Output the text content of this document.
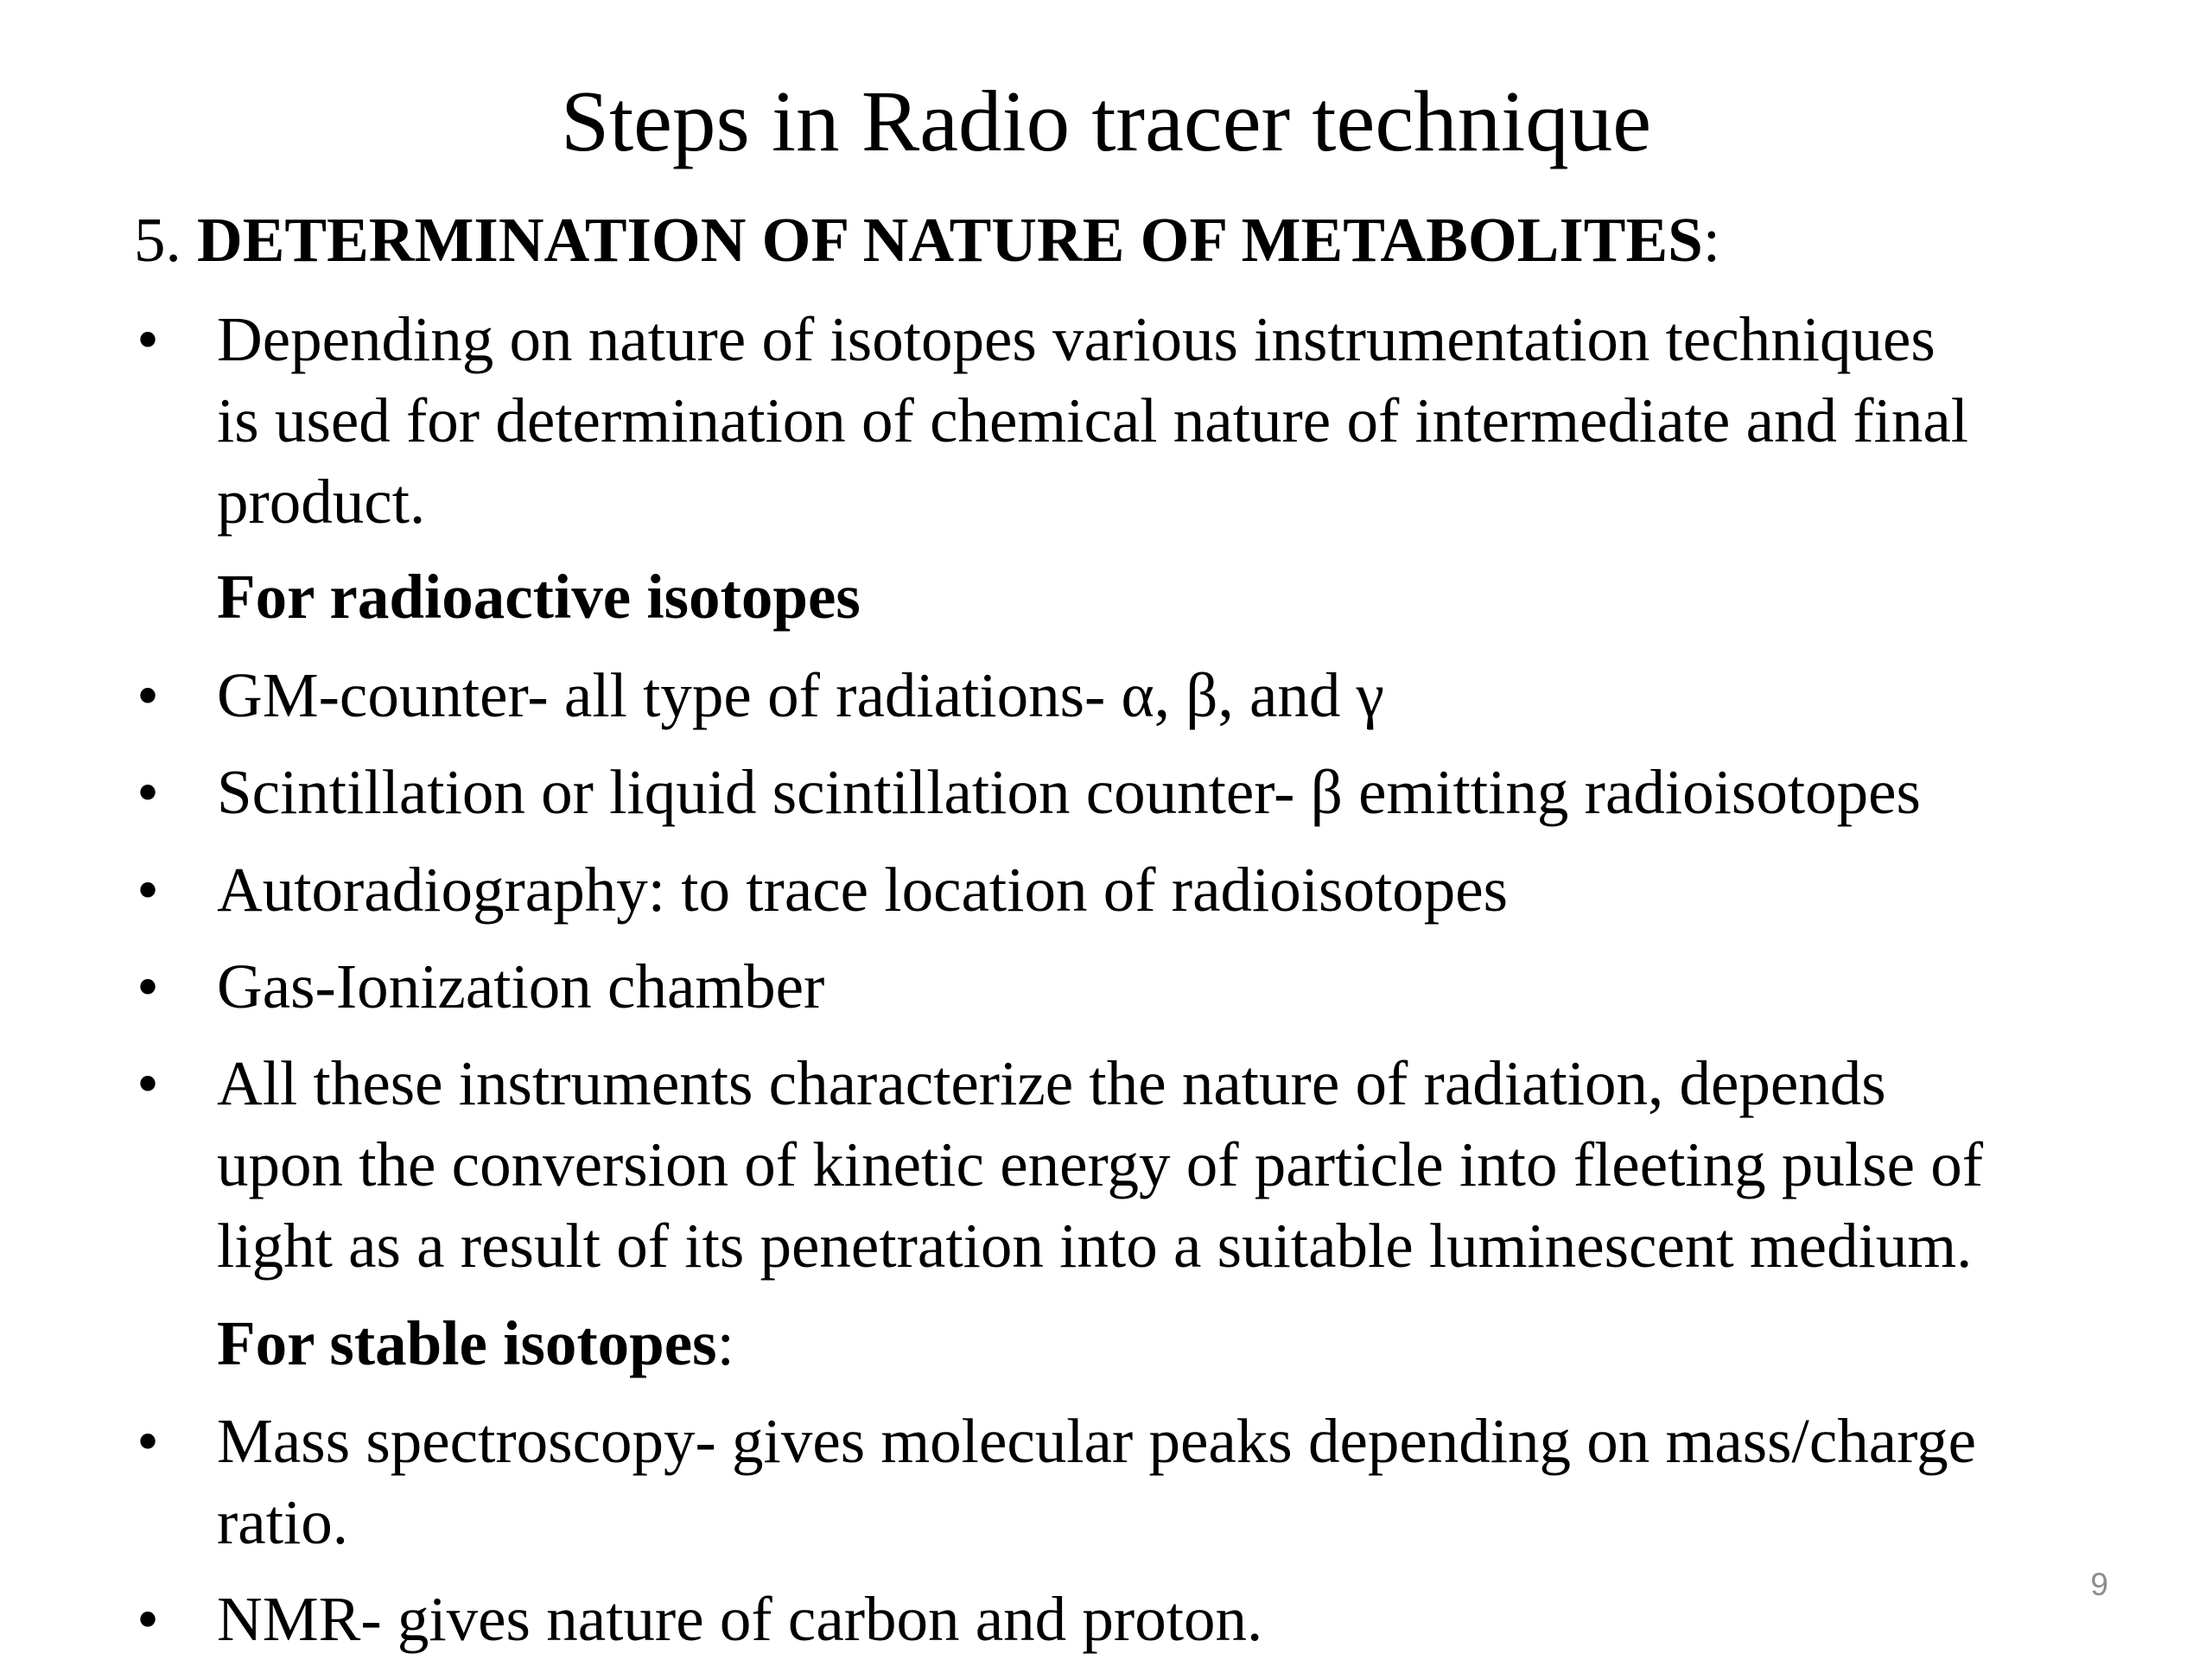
Steps in Radio tracer technique
5. DETERMINATION OF NATURE OF METABOLITES:
• Depending on nature of isotopes various instrumentation techniques
is used for determination of chemical nature of intermediate and final
product.
For radioactive isotopes
• GM-counter- all type of radiations- α, β, and γ
• Scintillation or liquid scintillation counter- β emitting radioisotopes
• Autoradiography: to trace location of radioisotopes
• Gas-Ionization chamber
• All these instruments characterize the nature of radiation, depends
upon the conversion of kinetic energy of particle into fleeting pulse of
light as a result of its penetration into a suitable luminescent medium.
For stable isotopes:
• Mass spectroscopy- gives molecular peaks depending on mass/charge
ratio.
• NMR- gives nature of carbon and proton.	9
